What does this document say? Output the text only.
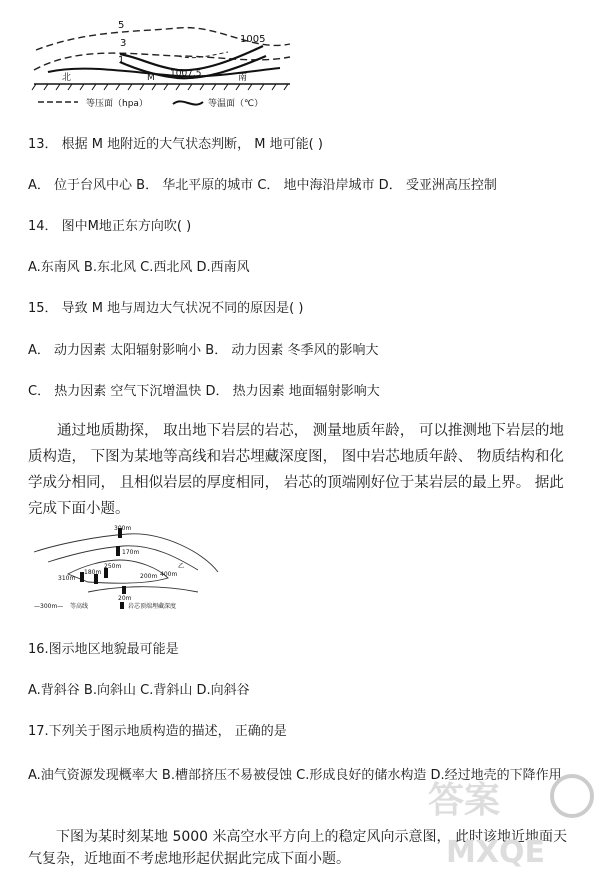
5
3
1
1005
1007.5
北	M	南
等压面（hpa）	等温面（℃）
13． 根据 M 地附近的大气状态判断， M 地可能( )
A． 位于台风中心 B． 华北平原的城市 C． 地中海沿岸城市 D． 受亚洲高压控制
14． 图中M地正东方向吹( )
A.东南风 B.东北风 C.西北风 D.西南风
15． 导致 M 地与周边大气状况不同的原因是( )
A． 动力因素 太阳辐射影响小 B． 动力因素 冬季风的影响大
C． 热力因素 空气下沉增温快 D． 热力因素 地面辐射影响大
通过地质勘探， 取出地下岩层的岩芯， 测量地质年龄， 可以推测地下岩层的地质构造， 下图为某地等高线和岩芯埋藏深度图， 图中岩芯地质年龄、 物质结构和化学成分相同， 且相似岩层的厚度相同， 岩芯的顶端刚好位于某岩层的最上界。 据此完成下面小题。
300m
170m
250m
180m
310m	200m 400m
乙
20m
—300m— 等高线	岩芯顶端埋藏深度
16.图示地区地貌最可能是
A.背斜谷 B.向斜山 C.背斜山 D.向斜谷
17.下列关于图示地质构造的描述， 正确的是
A.油气资源发现概率大 B.槽部挤压不易被侵蚀 C.形成良好的储水构造 D.经过地壳的下降作用
下图为某时刻某地 5000 米高空水平方向上的稳定风向示意图， 此时该地近地面天气复杂，近地面不考虑地形起伏据此完成下面小题。
答案
MXQE
